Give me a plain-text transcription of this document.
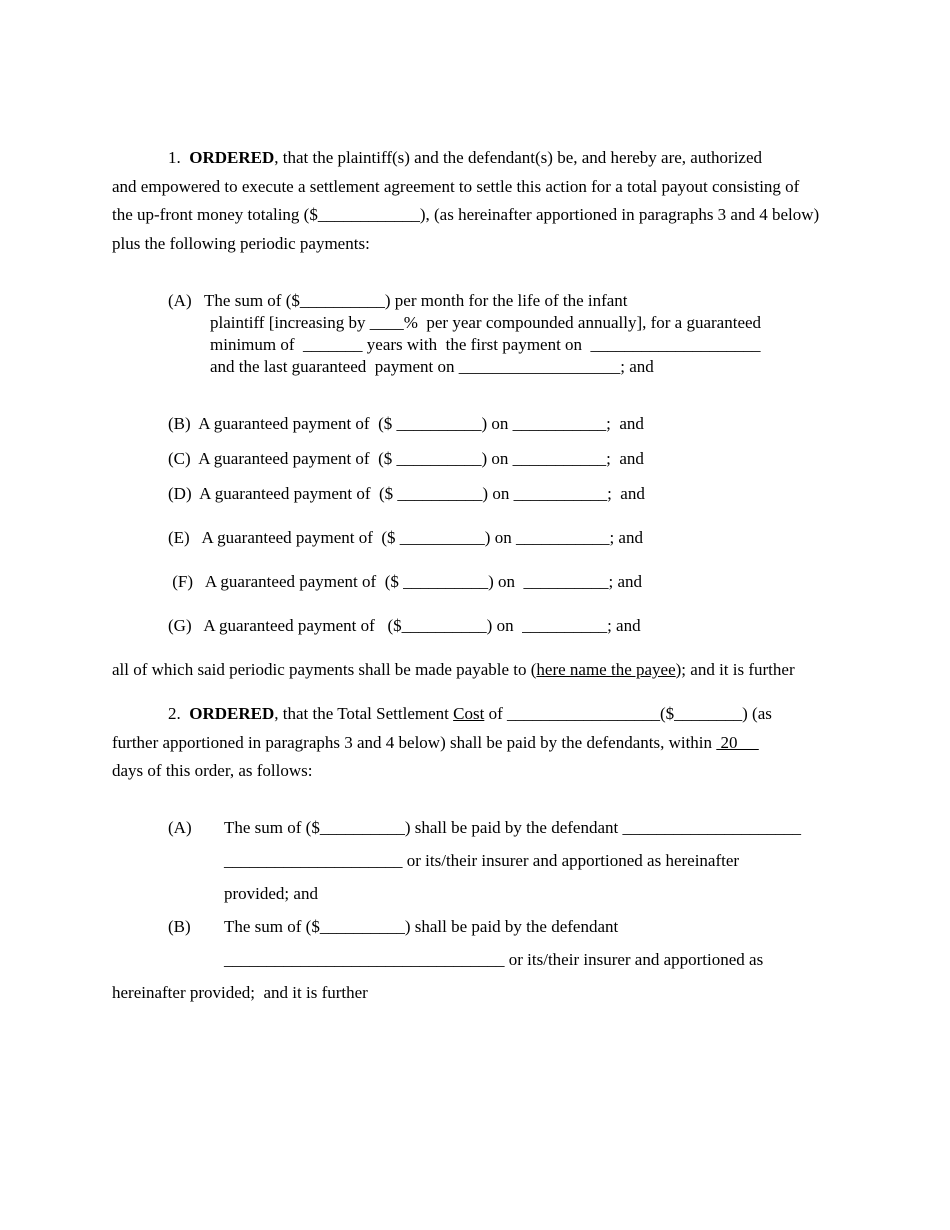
1.  ORDERED, that the plaintiff(s) and the defendant(s) be, and hereby are, authorized
and empowered to execute a settlement agreement to settle this action for a total payout consisting of
the up-front money totaling ($____________), (as hereinafter apportioned in paragraphs 3 and 4 below)
plus the following periodic payments:
(A)   The sum of ($__________) per month for the life of the infant
plaintiff [increasing by ____%  per year compounded annually], for a guaranteed
minimum of  _______ years with  the first payment on  ____________________
and the last guaranteed  payment on ___________________; and
(B)  A guaranteed payment of  ($ __________) on ___________;  and
(C)  A guaranteed payment of  ($ __________) on ___________;  and
(D)  A guaranteed payment of  ($ __________) on ___________;  and
(E)   A guaranteed payment of  ($ __________) on ___________; and
(F)   A guaranteed payment of  ($ __________) on  __________; and
(G)   A guaranteed payment of   ($__________) on  __________; and
all of which said periodic payments shall be made payable to (here name the payee); and it is further
2.  ORDERED, that the Total Settlement Cost of __________________($________) (as
further apportioned in paragraphs 3 and 4 below) shall be paid by the defendants, within  20
days of this order, as follows:
(A) The sum of ($__________) shall be paid by the defendant _____________________
_____________________ or its/their insurer and apportioned as hereinafter
provided; and
(B) The sum of ($__________) shall be paid by the defendant
_________________________________ or its/their insurer and apportioned as
hereinafter provided;  and it is further
